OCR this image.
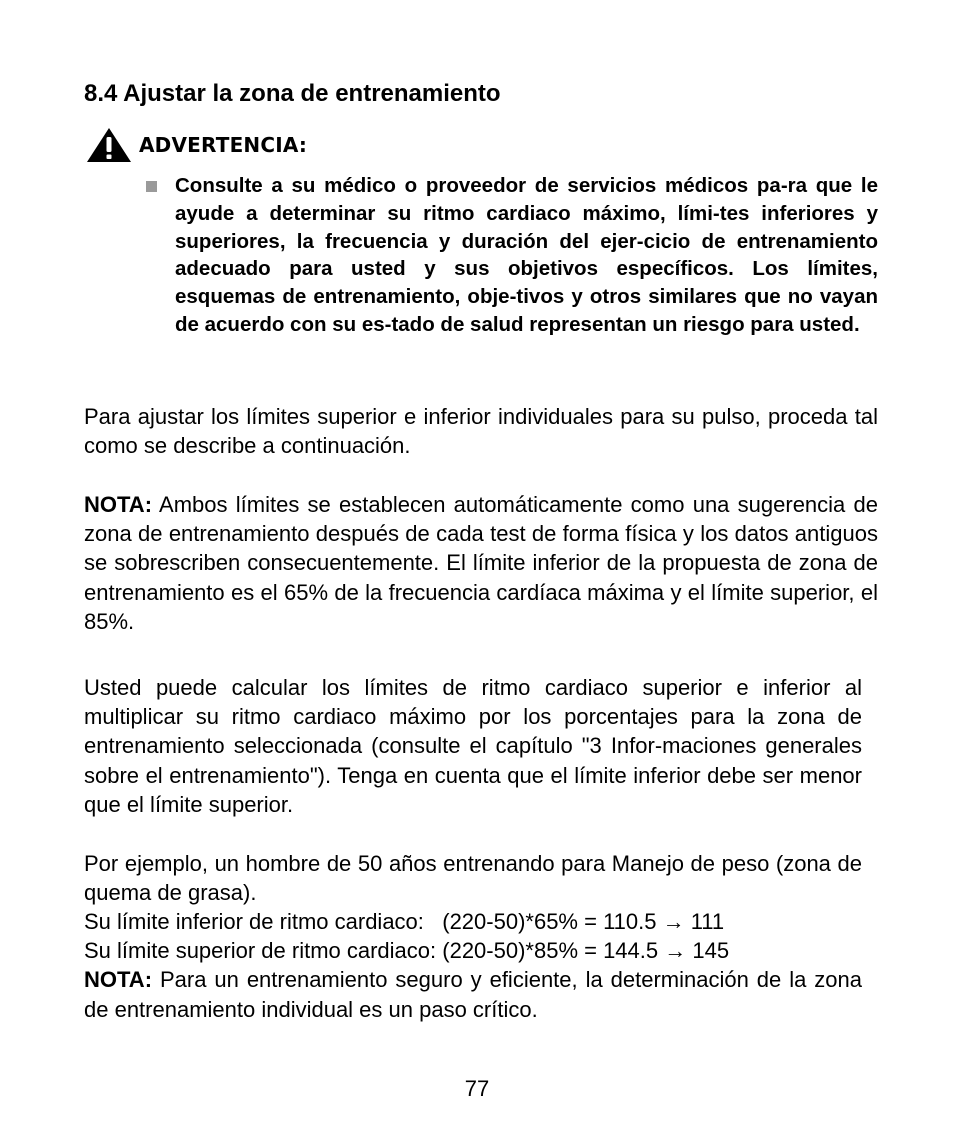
8.4 Ajustar la zona de entrenamiento
ADVERTENCIA:

Consulte a su médico o proveedor de servicios médicos pa-ra que le ayude a determinar su ritmo cardiaco máximo, lími-tes inferiores y superiores, la frecuencia y duración del ejer-cicio de entrenamiento adecuado para usted y sus objetivos específicos. Los límites, esquemas de entrenamiento, obje-tivos y otros similares que no vayan de acuerdo con su es-tado de salud representan un riesgo para usted.

Para ajustar los límites superior e inferior individuales para su pulso, proceda tal como se describe a continuación.

NOTA: Ambos límites se establecen automáticamente como una sugerencia de zona de entrenamiento después de cada test de forma física y los datos antiguos se sobrescriben consecuentemente. El límite inferior de la propuesta de zona de entrenamiento es el 65% de la frecuencia cardíaca máxima y el límite superior, el 85%.

Usted puede calcular los límites de ritmo cardiaco superior e inferior al multiplicar su ritmo cardiaco máximo por los porcentajes para la zona de entrenamiento seleccionada (consulte el capítulo "3 Infor-maciones generales sobre el entrenamiento"). Tenga en cuenta que el límite inferior debe ser menor que el límite superior.

Por ejemplo, un hombre de 50 años entrenando para Manejo de peso (zona de quema de grasa).

Su límite inferior de ritmo cardiaco:   (220-50)*65% = 110.5 → 111

Su límite superior de ritmo cardiaco: (220-50)*85% = 144.5 → 145

NOTA: Para un entrenamiento seguro y eficiente, la determinación de la zona de entrenamiento individual es un paso crítico.

77
